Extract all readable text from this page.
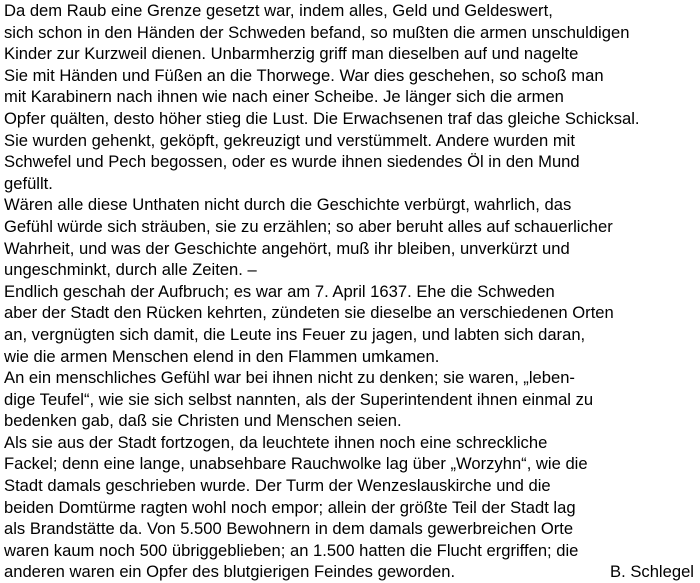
Da dem Raub eine Grenze gesetzt war, indem alles, Geld und Geldeswert,
sich schon in den Händen der Schweden befand, so mußten die armen unschuldigen
Kinder zur Kurzweil dienen. Unbarmherzig griff man dieselben auf und nagelte
Sie mit Händen und Füßen an die Thorwege. War dies geschehen, so schoß man
mit Karabinern nach ihnen wie nach einer Scheibe. Je länger sich die armen
Opfer quälten, desto höher stieg die Lust. Die Erwachsenen traf das gleiche Schicksal.
Sie wurden gehenkt, geköpft, gekreuzigt und verstümmelt. Andere wurden mit
Schwefel und Pech begossen, oder es wurde ihnen siedendes Öl in den Mund
gefüllt.
Wären alle diese Unthaten nicht durch die Geschichte verbürgt, wahrlich, das
Gefühl würde sich sträuben, sie zu erzählen; so aber beruht alles auf schauerlicher
Wahrheit, und was der Geschichte angehört, muß ihr bleiben, unverkürzt und
ungeschminkt, durch alle Zeiten. –
Endlich geschah der Aufbruch; es war am 7. April 1637. Ehe die Schweden
aber der Stadt den Rücken kehrten, zündeten sie dieselbe an verschiedenen Orten
an, vergnügten sich damit, die Leute ins Feuer zu jagen, und labten sich daran,
wie die armen Menschen elend in den Flammen umkamen.
An ein menschliches Gefühl war bei ihnen nicht zu denken; sie waren, „leben-
dige Teufel“, wie sie sich selbst nannten, als der Superintendent ihnen einmal zu
bedenken gab, daß sie Christen und Menschen seien.
Als sie aus der Stadt fortzogen, da leuchtete ihnen noch eine schreckliche
Fackel; denn eine lange, unabsehbare Rauchwolke lag über „Worzyhn“, wie die
Stadt damals geschrieben wurde. Der Turm der Wenzeslauskirche und die
beiden Domtürme ragten wohl noch empor; allein der größte Teil der Stadt lag
als Brandstätte da. Von 5.500 Bewohnern in dem damals gewerbreichen Orte
waren kaum noch 500 übriggeblieben; an 1.500 hatten die Flucht ergriffen; die
anderen waren ein Opfer des blutgierigen Feindes geworden.	B. Schlegel
